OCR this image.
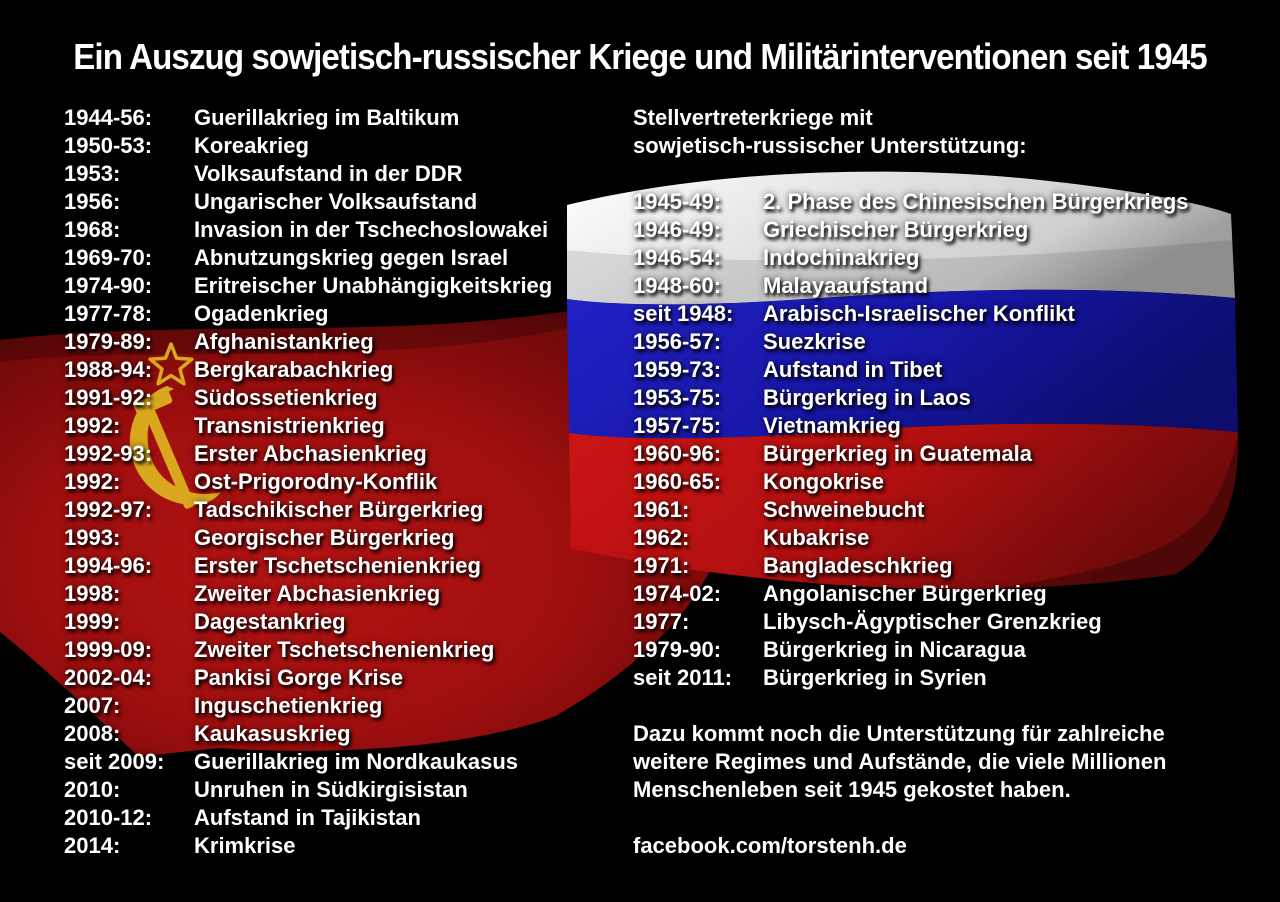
Ein Auszug sowjetisch-russischer Kriege und Militärinterventionen seit 1945
1944-56:	Guerillakrieg im Baltikum
1950-53:	Koreakrieg
1953:	Volksaufstand in der DDR
1956:	Ungarischer Volksaufstand
1968:	Invasion in der Tschechoslowakei
1969-70:	Abnutzungskrieg gegen Israel
1974-90:	Eritreischer Unabhängigkeitskrieg
1977-78:	Ogadenkrieg
1979-89:	Afghanistankrieg
1988-94:	Bergkarabachkrieg
1991-92:	Südossetienkrieg
1992:	Transnistrienkrieg
1992-93:	Erster Abchasienkrieg
1992:	Ost-Prigorodny-Konflik
1992-97:	Tadschikischer Bürgerkrieg
1993:	Georgischer Bürgerkrieg
1994-96:	Erster Tschetschenienkrieg
1998:	Zweiter Abchasienkrieg
1999:	Dagestankrieg
1999-09:	Zweiter Tschetschenienkrieg
2002-04:	Pankisi Gorge Krise
2007:	Inguschetienkrieg
2008:	Kaukasuskrieg
seit 2009:	Guerillakrieg im Nordkaukasus
2010:	Unruhen in Südkirgisistan
2010-12:	Aufstand in Tajikistan
2014:	Krimkrise
Stellvertreterkriege mit
sowjetisch-russischer Unterstützung:
1945-49:	2. Phase des Chinesischen Bürgerkriegs
1946-49:	Griechischer Bürgerkrieg
1946-54:	Indochinakrieg
1948-60:	Malayaaufstand
seit 1948:	Arabisch-Israelischer Konflikt
1956-57:	Suezkrise
1959-73:	Aufstand in Tibet
1953-75:	Bürgerkrieg in Laos
1957-75:	Vietnamkrieg
1960-96:	Bürgerkrieg in Guatemala
1960-65:	Kongokrise
1961:	Schweinebucht
1962:	Kubakrise
1971:	Bangladeschkrieg
1974-02:	Angolanischer Bürgerkrieg
1977:	Libysch-Ägyptischer Grenzkrieg
1979-90:	Bürgerkrieg in Nicaragua
seit 2011:	Bürgerkrieg in Syrien
Dazu kommt noch die Unterstützung für zahlreiche
weitere Regimes und Aufstände, die viele Millionen
Menschenleben seit 1945 gekostet haben.
facebook.com/torstenh.de
